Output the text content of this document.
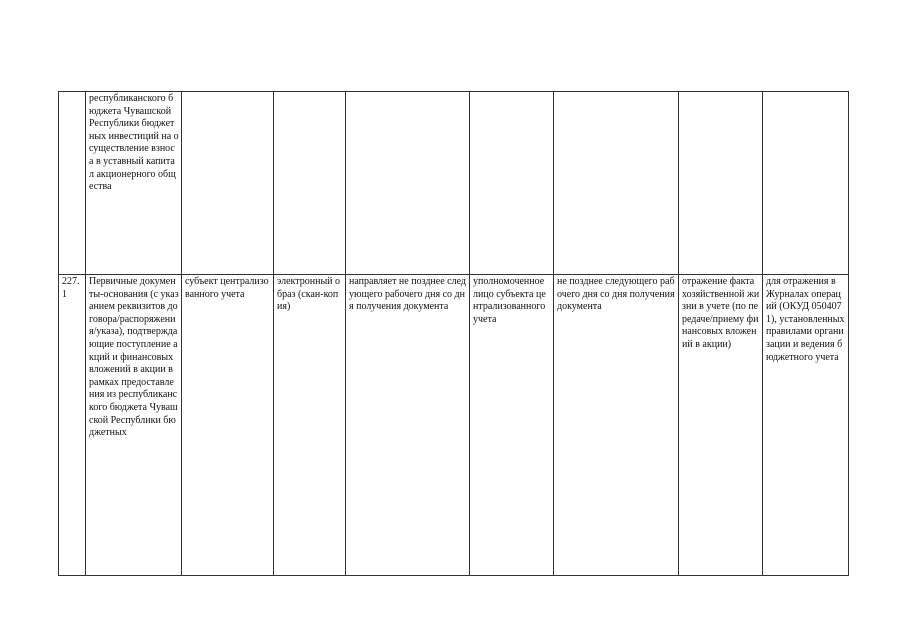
	республиканского бюджета Чувашской Республики бюджетных инвестиций на осуществление взноса в уставный капитал акционерного общества							
227.1	Первичные документы-основания (с указанием реквизитов договора/распоряжения/указа), подтверждающие поступление акций и финансовых вложений в акции в рамках предоставления из республиканского бюджета Чувашской Республики бюджетных	субъект централизованного учета	электронный образ (скан-копия)	направляет не позднее следующего рабочего дня со дня получения документа	уполномоченное лицо субъекта централизованного учета	не позднее следующего рабочего дня со дня получения документа	отражение факта хозяйственной жизни в учете (по передаче/приему финансовых вложений в акции)	для отражения в Журналах операций (ОКУД 0504071), установленных правилами организации и ведения бюджетного учета
